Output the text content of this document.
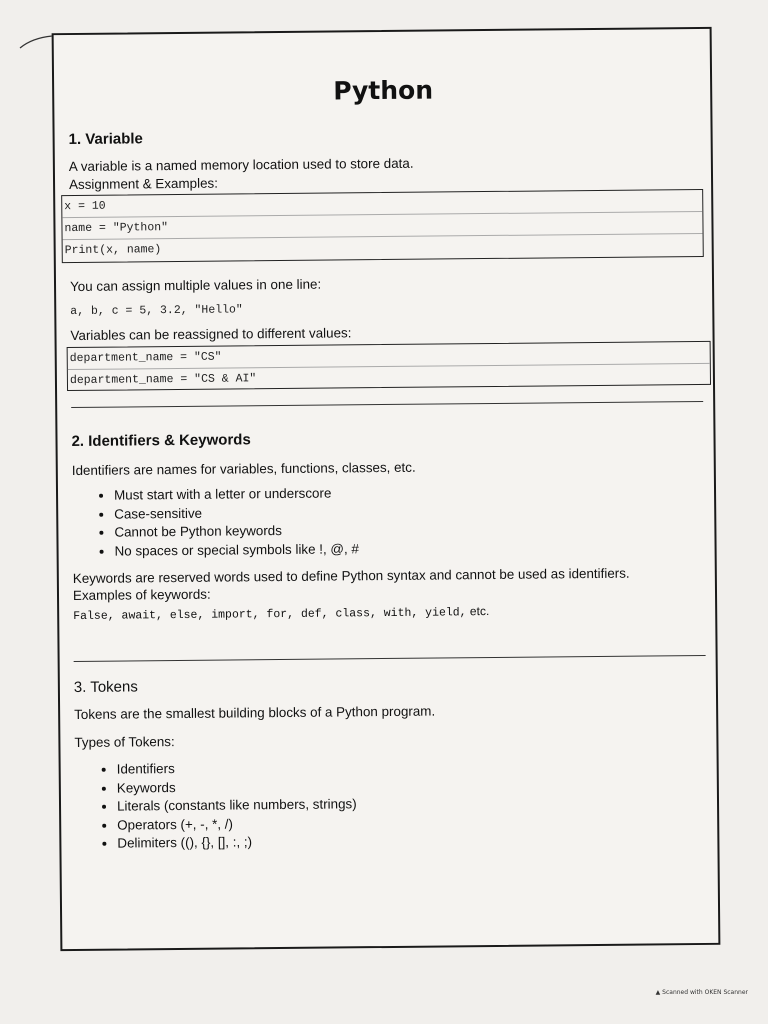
Python
1. Variable
A variable is a named memory location used to store data.
Assignment & Examples:
x = 10
name = "Python"
Print(x, name)
You can assign multiple values in one line:
a, b, c = 5, 3.2, "Hello"
Variables can be reassigned to different values:
department_name = "CS"
department_name = "CS & AI"
2. Identifiers & Keywords
Identifiers are names for variables, functions, classes, etc.
• Must start with a letter or underscore
• Case-sensitive
• Cannot be Python keywords
• No spaces or special symbols like !, @, #
Keywords are reserved words used to define Python syntax and cannot be used as identifiers.
Examples of keywords:
False, await, else, import, for, def, class, with, yield, etc.
3. Tokens
Tokens are the smallest building blocks of a Python program.
Types of Tokens:
• Identifiers
• Keywords
• Literals (constants like numbers, strings)
• Operators (+, -, *, /)
• Delimiters ((), {}, [], :, ;)
▲ Scanned with OKEN Scanner
